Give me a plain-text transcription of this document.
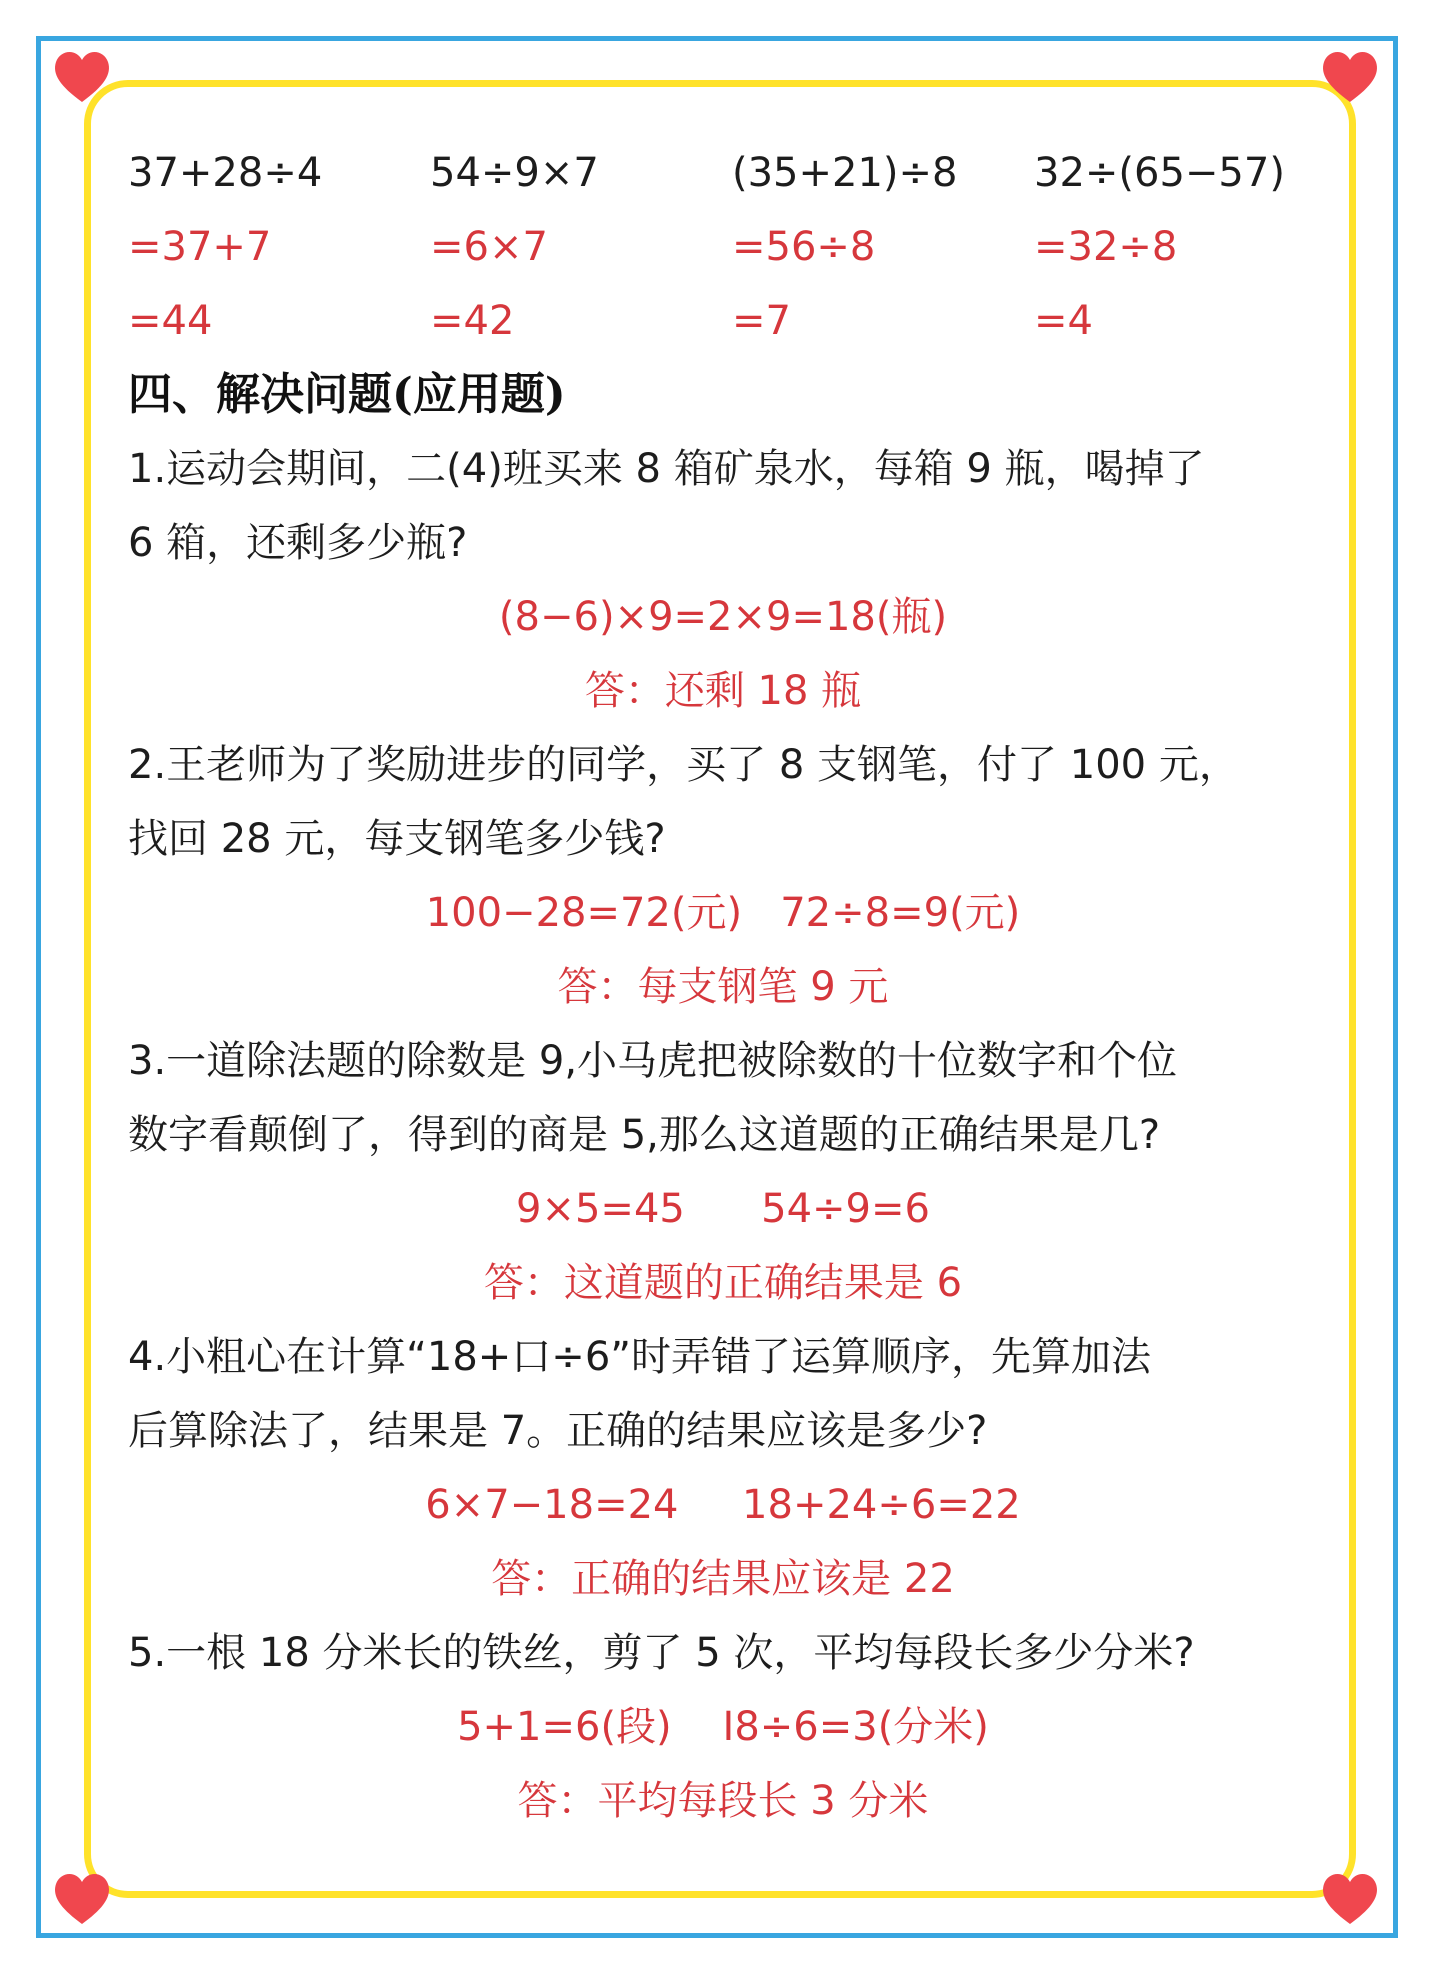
37+28÷4
=37+7
=44
54÷9×7
=6×7
=42
(35+21)÷8
=56÷8
=7
32÷(65−57)
=32÷8
=4
四、解决问题(应用题)
1.运动会期间，二(4)班买来 8 箱矿泉水，每箱 9 瓶，喝掉了
6 箱，还剩多少瓶?
(8−6)×9=2×9=18(瓶)
答：还剩 18 瓶
2.王老师为了奖励进步的同学，买了 8 支钢笔，付了 100 元，
找回 28 元，每支钢笔多少钱?
100−28=72(元)   72÷8=9(元)
答：每支钢笔 9 元
3.一道除法题的除数是 9,小马虎把被除数的十位数字和个位
数字看颠倒了，得到的商是 5,那么这道题的正确结果是几?
9×5=45      54÷9=6
答：这道题的正确结果是 6
4.小粗心在计算“18+口÷6”时弄错了运算顺序，先算加法
后算除法了，结果是 7。正确的结果应该是多少?
6×7−18=24     18+24÷6=22
答：正确的结果应该是 22
5.一根 18 分米长的铁丝，剪了 5 次，平均每段长多少分米?
5+1=6(段)    I8÷6=3(分米)
答：平均每段长 3 分米
